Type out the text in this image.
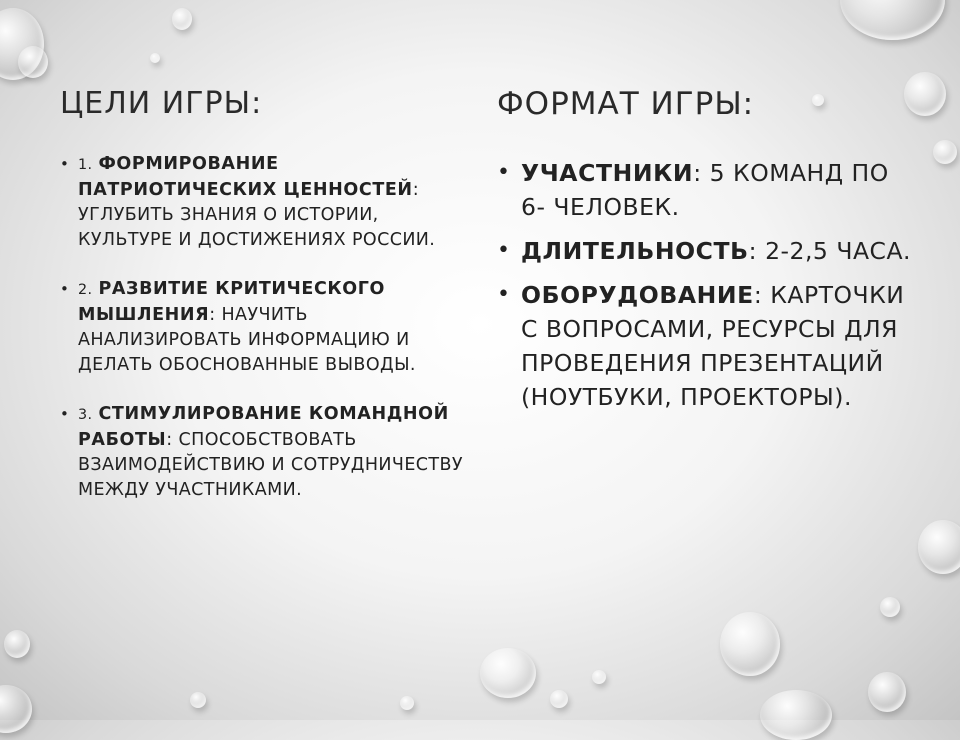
ЦЕЛИ ИГРЫ:
• 1. ФОРМИРОВАНИЕ ПАТРИОТИЧЕСКИХ ЦЕННОСТЕЙ: УГЛУБИТЬ ЗНАНИЯ О ИСТОРИИ, КУЛЬТУРЕ И ДОСТИЖЕНИЯХ РОССИИ.
• 2. РАЗВИТИЕ КРИТИЧЕСКОГО МЫШЛЕНИЯ: НАУЧИТЬ АНАЛИЗИРОВАТЬ ИНФОРМАЦИЮ И ДЕЛАТЬ ОБОСНОВАННЫЕ ВЫВОДЫ.
• 3. СТИМУЛИРОВАНИЕ КОМАНДНОЙ РАБОТЫ: СПОСОБСТВОВАТЬ ВЗАИМОДЕЙСТВИЮ И СОТРУДНИЧЕСТВУ МЕЖДУ УЧАСТНИКАМИ.
ФОРМАТ ИГРЫ:
• УЧАСТНИКИ: 5 КОМАНД ПО 6- ЧЕЛОВЕК.
• ДЛИТЕЛЬНОСТЬ: 2-2,5 ЧАСА.
• ОБОРУДОВАНИЕ: КАРТОЧКИ С ВОПРОСАМИ, РЕСУРСЫ ДЛЯ ПРОВЕДЕНИЯ ПРЕЗЕНТАЦИЙ (НОУТБУКИ, ПРОЕКТОРЫ).
